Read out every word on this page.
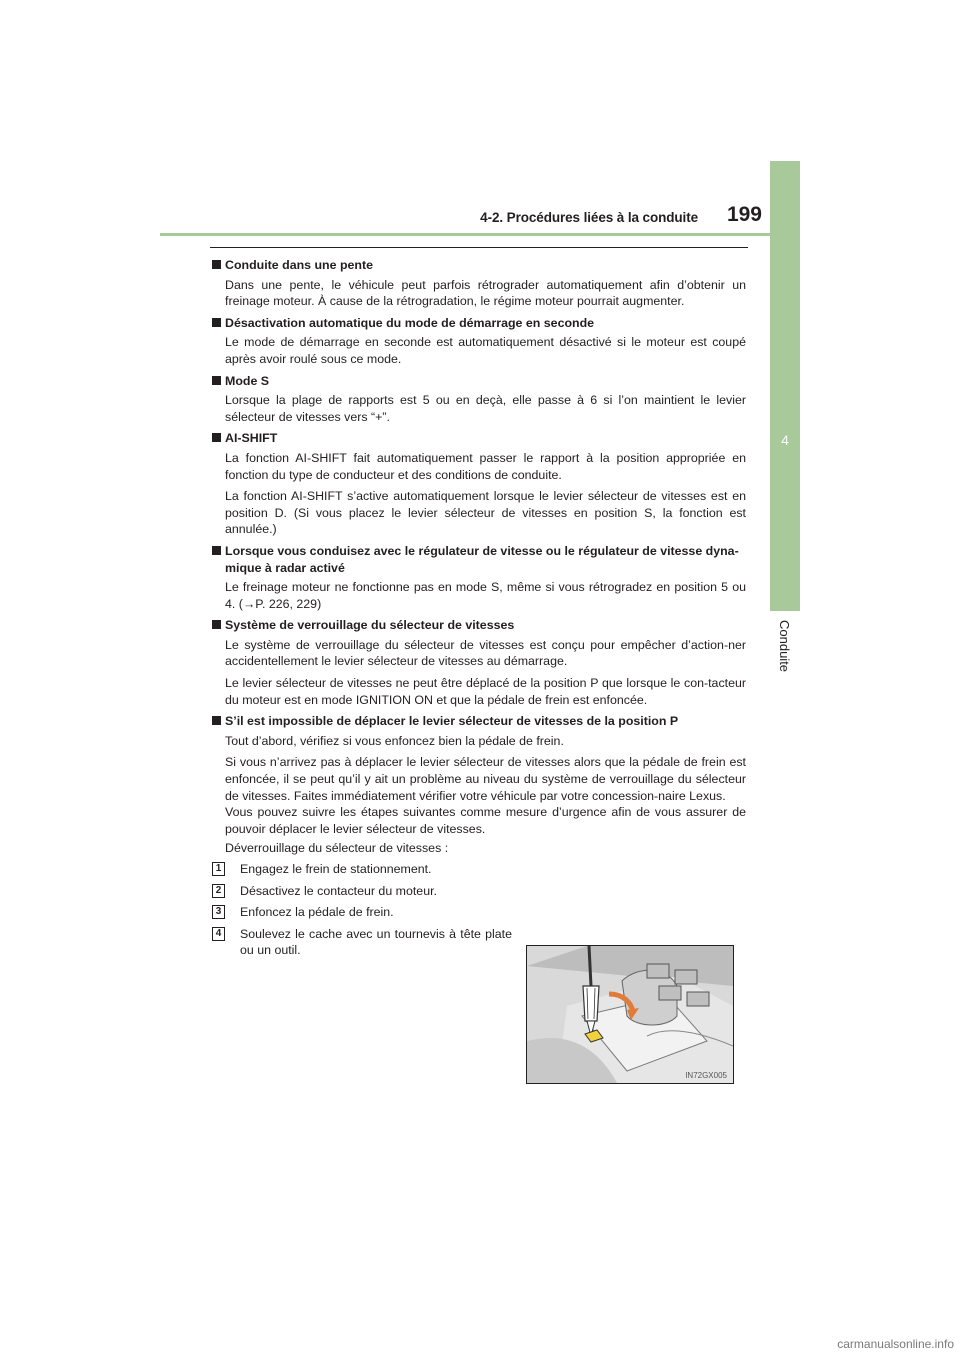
4-2. Procédures liées à la conduite	199
4
Conduite
Conduite dans une pente
Dans une pente, le véhicule peut parfois rétrograder automatiquement afin d’obtenir un freinage moteur. À cause de la rétrogradation, le régime moteur pourrait augmenter.
Désactivation automatique du mode de démarrage en seconde
Le mode de démarrage en seconde est automatiquement désactivé si le moteur est coupé après avoir roulé sous ce mode.
Mode S
Lorsque la plage de rapports est 5 ou en deçà, elle passe à 6 si l’on maintient le levier sélecteur de vitesses vers “+”.
AI-SHIFT
La fonction AI-SHIFT fait automatiquement passer le rapport à la position appropriée en fonction du type de conducteur et des conditions de conduite.
La fonction AI-SHIFT s’active automatiquement lorsque le levier sélecteur de vitesses est en position D. (Si vous placez le levier sélecteur de vitesses en position S, la fonction est annulée.)
Lorsque vous conduisez avec le régulateur de vitesse ou le régulateur de vitesse dyna-mique à radar activé
Le freinage moteur ne fonctionne pas en mode S, même si vous rétrogradez en position 5 ou 4. (→P. 226, 229)
Système de verrouillage du sélecteur de vitesses
Le système de verrouillage du sélecteur de vitesses est conçu pour empêcher d’action-ner accidentellement le levier sélecteur de vitesses au démarrage.
Le levier sélecteur de vitesses ne peut être déplacé de la position P que lorsque le con-tacteur du moteur est en mode IGNITION ON et que la pédale de frein est enfoncée.
S’il est impossible de déplacer le levier sélecteur de vitesses de la position P
Tout d’abord, vérifiez si vous enfoncez bien la pédale de frein.
Si vous n’arrivez pas à déplacer le levier sélecteur de vitesses alors que la pédale de frein est enfoncée, il se peut qu’il y ait un problème au niveau du système de verrouillage du sélecteur de vitesses. Faites immédiatement vérifier votre véhicule par votre concession-naire Lexus.
Vous pouvez suivre les étapes suivantes comme mesure d’urgence afin de vous assurer de pouvoir déplacer le levier sélecteur de vitesses.
Déverrouillage du sélecteur de vitesses :
1 Engagez le frein de stationnement.
2 Désactivez le contacteur du moteur.
3 Enfoncez la pédale de frein.
4 Soulevez le cache avec un tournevis à tête plate ou un outil.
IN72GX005
carmanualsonline.info
